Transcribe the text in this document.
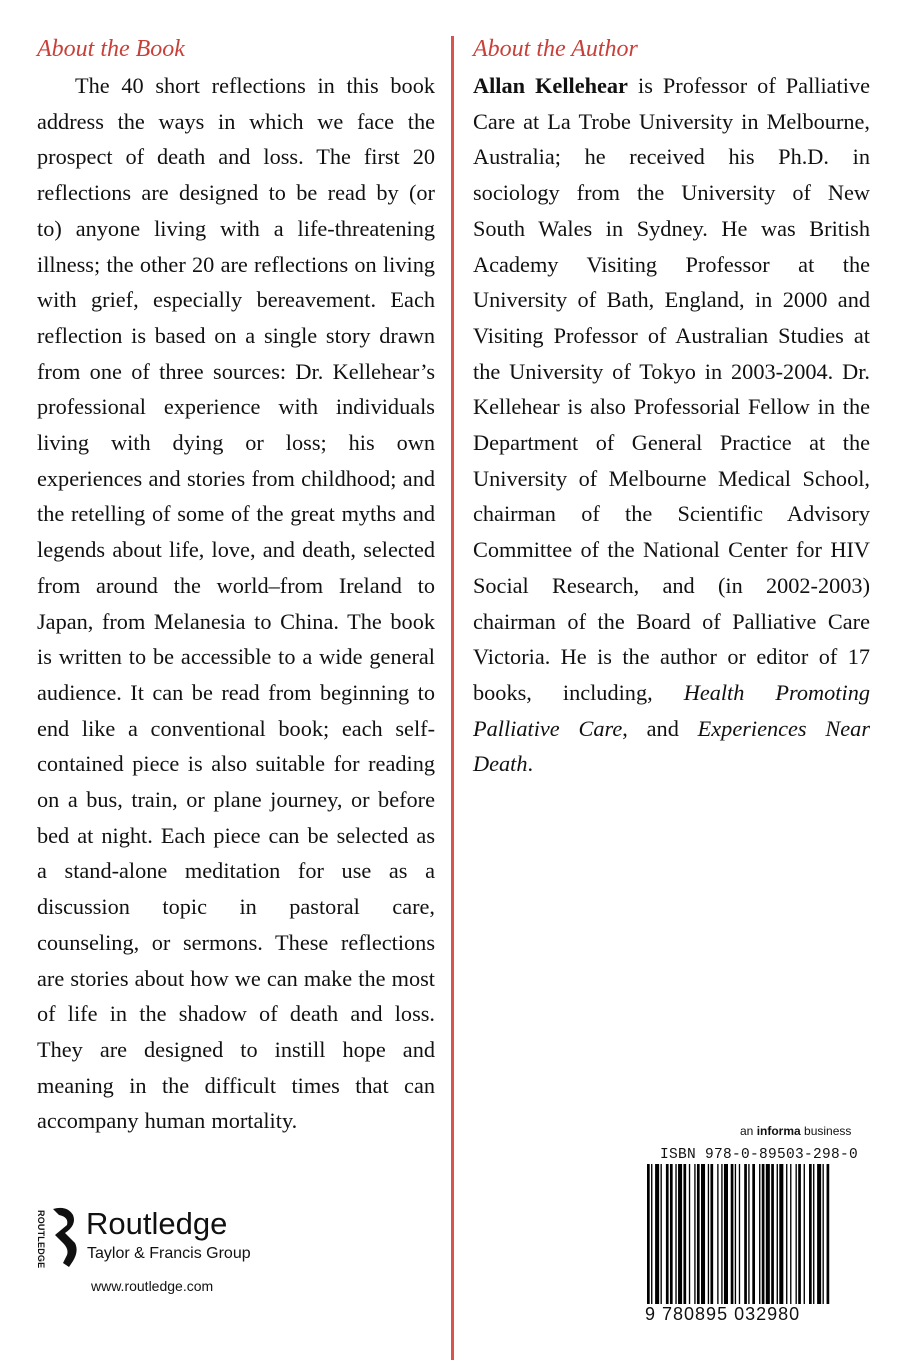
About the Book

The 40 short reflections in this book address the ways in which we face the prospect of death and loss. The first 20 reflections are designed to be read by (or to) anyone living with a life-threatening illness; the other 20 are reflections on living with grief, especially bereavement. Each reflection is based on a single story drawn from one of three sources: Dr. Kellehear’s professional experience with individuals living with dying or loss; his own experiences and stories from childhood; and the retelling of some of the great myths and legends about life, love, and death, selected from around the world–from Ireland to Japan, from Melanesia to China. The book is written to be accessible to a wide general audience. It can be read from beginning to end like a conventional book; each self-contained piece is also suitable for reading on a bus, train, or plane journey, or before bed at night. Each piece can be selected as a stand-alone meditation for use as a discussion topic in pastoral care, counseling, or sermons. These reflections are stories about how we can make the most of life in the shadow of death and loss. They are designed to instill hope and meaning in the difficult times that can accompany human mortality.

About the Author

Allan Kellehear is Professor of Palliative Care at La Trobe University in Melbourne, Australia; he received his Ph.D. in sociology from the University of New South Wales in Sydney. He was British Academy Visiting Professor at the University of Bath, England, in 2000 and Visiting Professor of Australian Studies at the University of Tokyo in 2003-2004. Dr. Kellehear is also Professorial Fellow in the Department of General Practice at the University of Melbourne Medical School, chairman of the Scientific Advisory Committee of the National Center for HIV Social Research, and (in 2002-2003) chairman of the Board of Palliative Care Victoria. He is the author or editor of 17 books, including, Health Promoting Palliative Care, and Experiences Near Death.

ROUTLEDGE Routledge
Taylor & Francis Group
www.routledge.com
an informa business
ISBN 978-0-89503-298-0
9 780895 032980
